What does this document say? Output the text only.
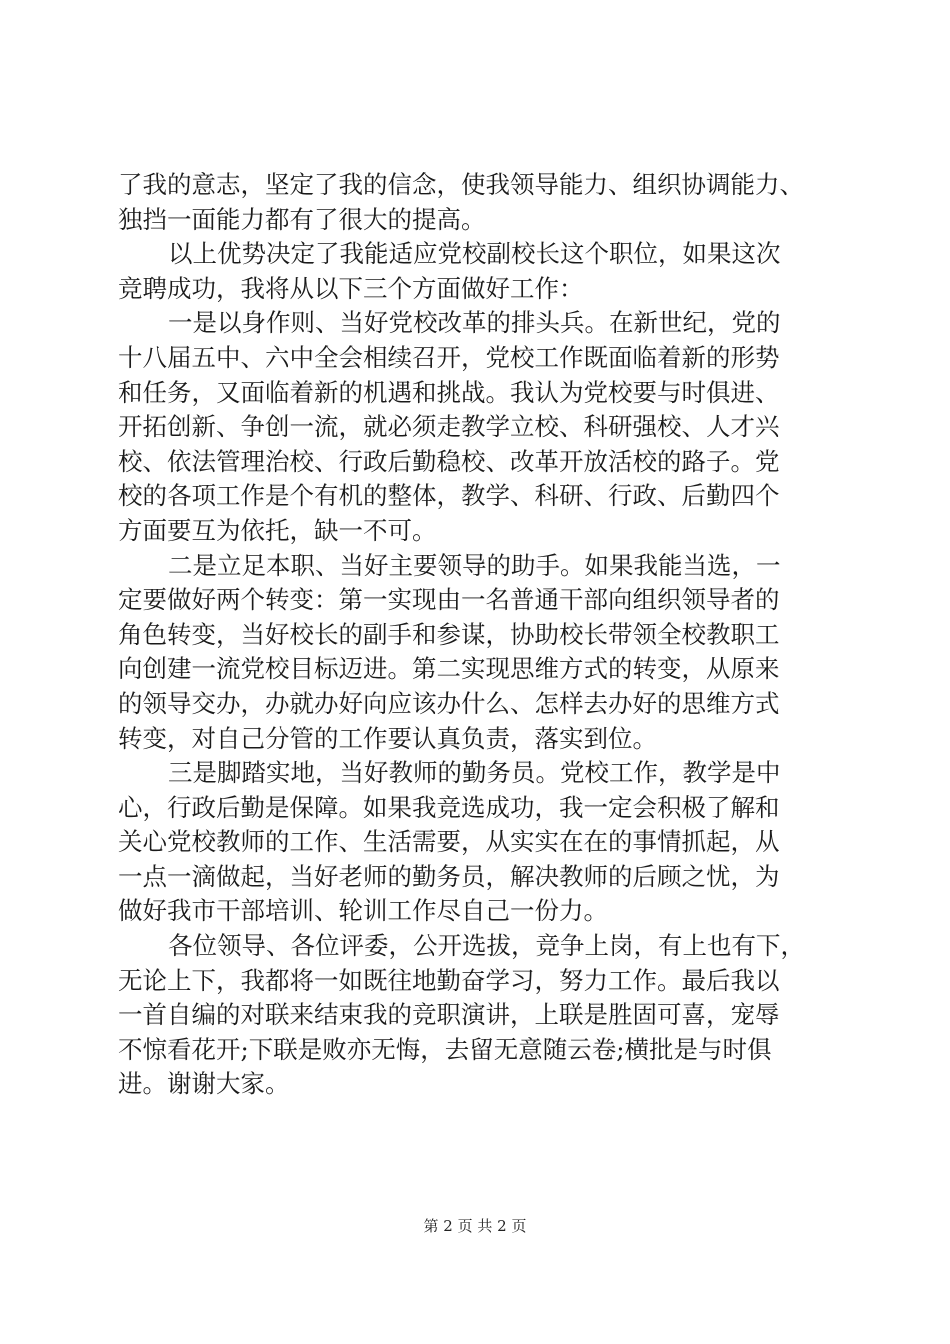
了我的意志，坚定了我的信念，使我领导能力、组织协调能力、
独挡一面能力都有了很大的提高。
以上优势决定了我能适应党校副校长这个职位，如果这次
竞聘成功，我将从以下三个方面做好工作：
一是以身作则、当好党校改革的排头兵。在新世纪，党的
十八届五中、六中全会相续召开，党校工作既面临着新的形势
和任务，又面临着新的机遇和挑战。我认为党校要与时俱进、
开拓创新、争创一流，就必须走教学立校、科研强校、人才兴
校、依法管理治校、行政后勤稳校、改革开放活校的路子。党
校的各项工作是个有机的整体，教学、科研、行政、后勤四个
方面要互为依托，缺一不可。
二是立足本职、当好主要领导的助手。如果我能当选，一
定要做好两个转变：第一实现由一名普通干部向组织领导者的
角色转变，当好校长的副手和参谋，协助校长带领全校教职工
向创建一流党校目标迈进。第二实现思维方式的转变，从原来
的领导交办，办就办好向应该办什么、怎样去办好的思维方式
转变，对自己分管的工作要认真负责，落实到位。
三是脚踏实地，当好教师的勤务员。党校工作，教学是中
心，行政后勤是保障。如果我竞选成功，我一定会积极了解和
关心党校教师的工作、生活需要，从实实在在的事情抓起，从
一点一滴做起，当好老师的勤务员，解决教师的后顾之忧，为
做好我市干部培训、轮训工作尽自己一份力。
各位领导、各位评委，公开选拔，竞争上岗，有上也有下，
无论上下，我都将一如既往地勤奋学习，努力工作。最后我以
一首自编的对联来结束我的竞职演讲，上联是胜固可喜，宠辱
不惊看花开;下联是败亦无悔，去留无意随云卷;横批是与时俱
进。谢谢大家。
第 2 页 共 2 页
